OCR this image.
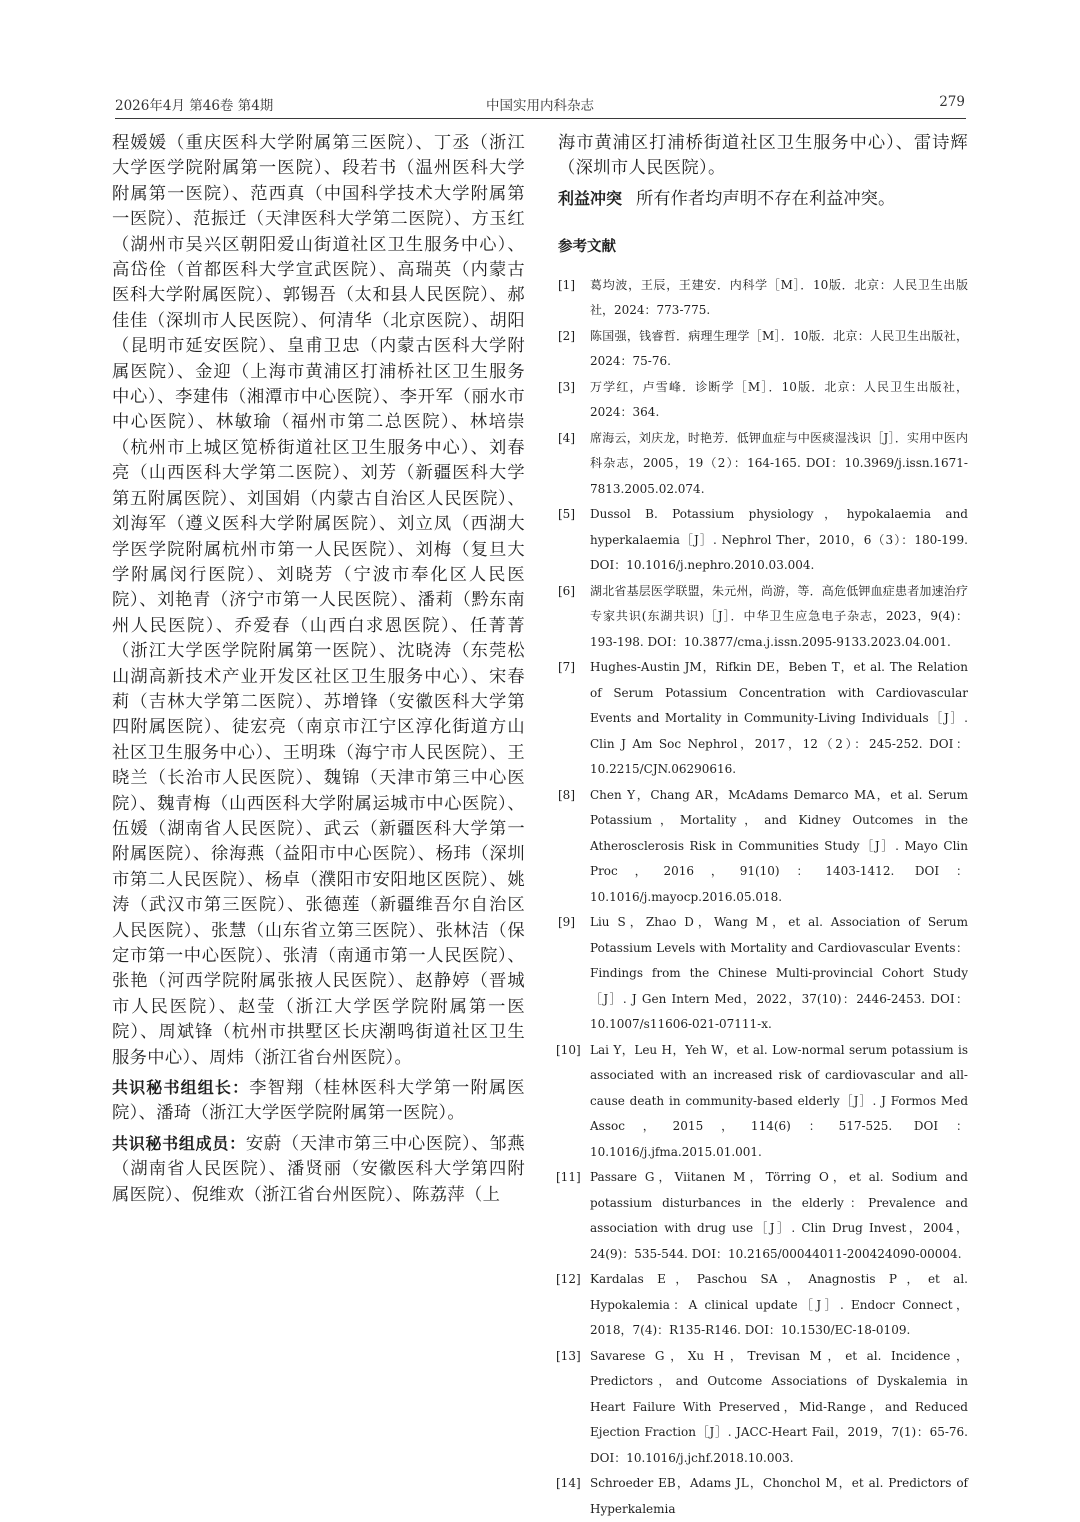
2026年4月 第46卷 第4期	中国实用内科杂志	279

程媛媛（重庆医科大学附属第三医院）、丁丞（浙江大学医学院附属第一医院）、段若书（温州医科大学附属第一医院）、范西真（中国科学技术大学附属第一医院）、范振迁（天津医科大学第二医院）、方玉红（湖州市吴兴区朝阳爱山街道社区卫生服务中心）、高岱佺（首都医科大学宣武医院）、高瑞英（内蒙古医科大学附属医院）、郭锡吾（太和县人民医院）、郝佳佳（深圳市人民医院）、何清华（北京医院）、胡阳（昆明市延安医院）、皇甫卫忠（内蒙古医科大学附属医院）、金迎（上海市黄浦区打浦桥社区卫生服务中心）、李建伟（湘潭市中心医院）、李开军（丽水市中心医院）、林敏瑜（福州市第二总医院）、林培崇（杭州市上城区笕桥街道社区卫生服务中心）、刘春亮（山西医科大学第二医院）、刘芳（新疆医科大学第五附属医院）、刘国娟（内蒙古自治区人民医院）、刘海军（遵义医科大学附属医院）、刘立凤（西湖大学医学院附属杭州市第一人民医院）、刘梅（复旦大学附属闵行医院）、刘晓芳（宁波市奉化区人民医院）、刘艳青（济宁市第一人民医院）、潘莉（黔东南州人民医院）、乔爱春（山西白求恩医院）、任菁菁（浙江大学医学院附属第一医院）、沈晓涛（东莞松山湖高新技术产业开发区社区卫生服务中心）、宋春莉（吉林大学第二医院）、苏增锋（安徽医科大学第四附属医院）、徒宏亮（南京市江宁区淳化街道方山社区卫生服务中心）、王明珠（海宁市人民医院）、王晓兰（长治市人民医院）、魏锦（天津市第三中心医院）、魏青梅（山西医科大学附属运城市中心医院）、伍媛（湖南省人民医院）、武云（新疆医科大学第一附属医院）、徐海燕（益阳市中心医院）、杨玮（深圳市第二人民医院）、杨卓（濮阳市安阳地区医院）、姚涛（武汉市第三医院）、张德莲（新疆维吾尔自治区人民医院）、张慧（山东省立第三医院）、张林洁（保定市第一中心医院）、张清（南通市第一人民医院）、张艳（河西学院附属张掖人民医院）、赵静婷（晋城市人民医院）、赵莹（浙江大学医学院附属第一医院）、周斌锋（杭州市拱墅区长庆潮鸣街道社区卫生服务中心）、周炜（浙江省台州医院）。

共识秘书组组长：李智翔（桂林医科大学第一附属医院）、潘琦（浙江大学医学院附属第一医院）。

共识秘书组成员：安蔚（天津市第三中心医院）、邹燕（湖南省人民医院）、潘贤丽（安徽医科大学第四附属医院）、倪维欢（浙江省台州医院）、陈荔萍（上

海市黄浦区打浦桥街道社区卫生服务中心）、雷诗辉（深圳市人民医院）。

利益冲突 所有作者均声明不存在利益冲突。
参考文献
[1] 葛均波，王辰，王建安．内科学［M］．10版．北京：人民卫生出版社，2024：773-775.
[2] 陈国强，钱睿哲．病理生理学［M］．10版．北京：人民卫生出版社，2024：75-76.
[3] 万学红，卢雪峰．诊断学［M］．10版．北京：人民卫生出版社，2024：364.
[4] 席海云，刘庆龙，时艳芳．低钾血症与中医痰湿浅识［J］．实用中医内科杂志，2005，19（2）：164-165. DOI：10.3969/j.issn.1671-7813.2005.02.074.
[5] Dussol B. Potassium physiology，hypokalaemia and hyperkalaemia［J］. Nephrol Ther，2010，6（3）：180-199. DOI：10.1016/j.nephro.2010.03.004.
[6] 湖北省基层医学联盟，朱元州，尚游，等．高危低钾血症患者加速治疗专家共识(东湖共识)［J］．中华卫生应急电子杂志，2023，9(4)：193-198. DOI：10.3877/cma.j.issn.2095-9133.2023.04.001.
[7] Hughes-Austin JM，Rifkin DE，Beben T，et al. The Relation of Serum Potassium Concentration with Cardiovascular Events and Mortality in Community-Living Individuals［J］. Clin J Am Soc Nephrol，2017，12（2）：245-252. DOI：10.2215/CJN.06290616.
[8] Chen Y，Chang AR，McAdams Demarco MA，et al. Serum Potassium，Mortality，and Kidney Outcomes in the Atherosclerosis Risk in Communities Study［J］. Mayo Clin Proc，2016，91(10)：1403-1412. DOI：10.1016/j.mayocp.2016.05.018.
[9] Liu S，Zhao D，Wang M，et al. Association of Serum Potassium Levels with Mortality and Cardiovascular Events：Findings from the Chinese Multi-provincial Cohort Study［J］. J Gen Intern Med，2022，37(10)：2446-2453. DOI：10.1007/s11606-021-07111-x.
[10] Lai Y，Leu H，Yeh W，et al. Low-normal serum potassium is associated with an increased risk of cardiovascular and all-cause death in community-based elderly［J］. J Formos Med Assoc，2015，114(6)：517-525. DOI：10.1016/j.jfma.2015.01.001.
[11] Passare G，Viitanen M，Törring O，et al. Sodium and potassium disturbances in the elderly：Prevalence and association with drug use［J］. Clin Drug Invest，2004，24(9)：535-544. DOI：10.2165/00044011-200424090-00004.
[12] Kardalas E，Paschou SA，Anagnostis P，et al. Hypokalemia：A clinical update［J］. Endocr Connect，2018，7(4)：R135-R146. DOI：10.1530/EC-18-0109.
[13] Savarese G，Xu H，Trevisan M，et al. Incidence，Predictors，and Outcome Associations of Dyskalemia in Heart Failure With Preserved，Mid-Range，and Reduced Ejection Fraction［J］. JACC-Heart Fail，2019，7(1)：65-76. DOI：10.1016/j.jchf.2018.10.003.
[14] Schroeder EB，Adams JL，Chonchol M，et al. Predictors of Hyperkalemia
